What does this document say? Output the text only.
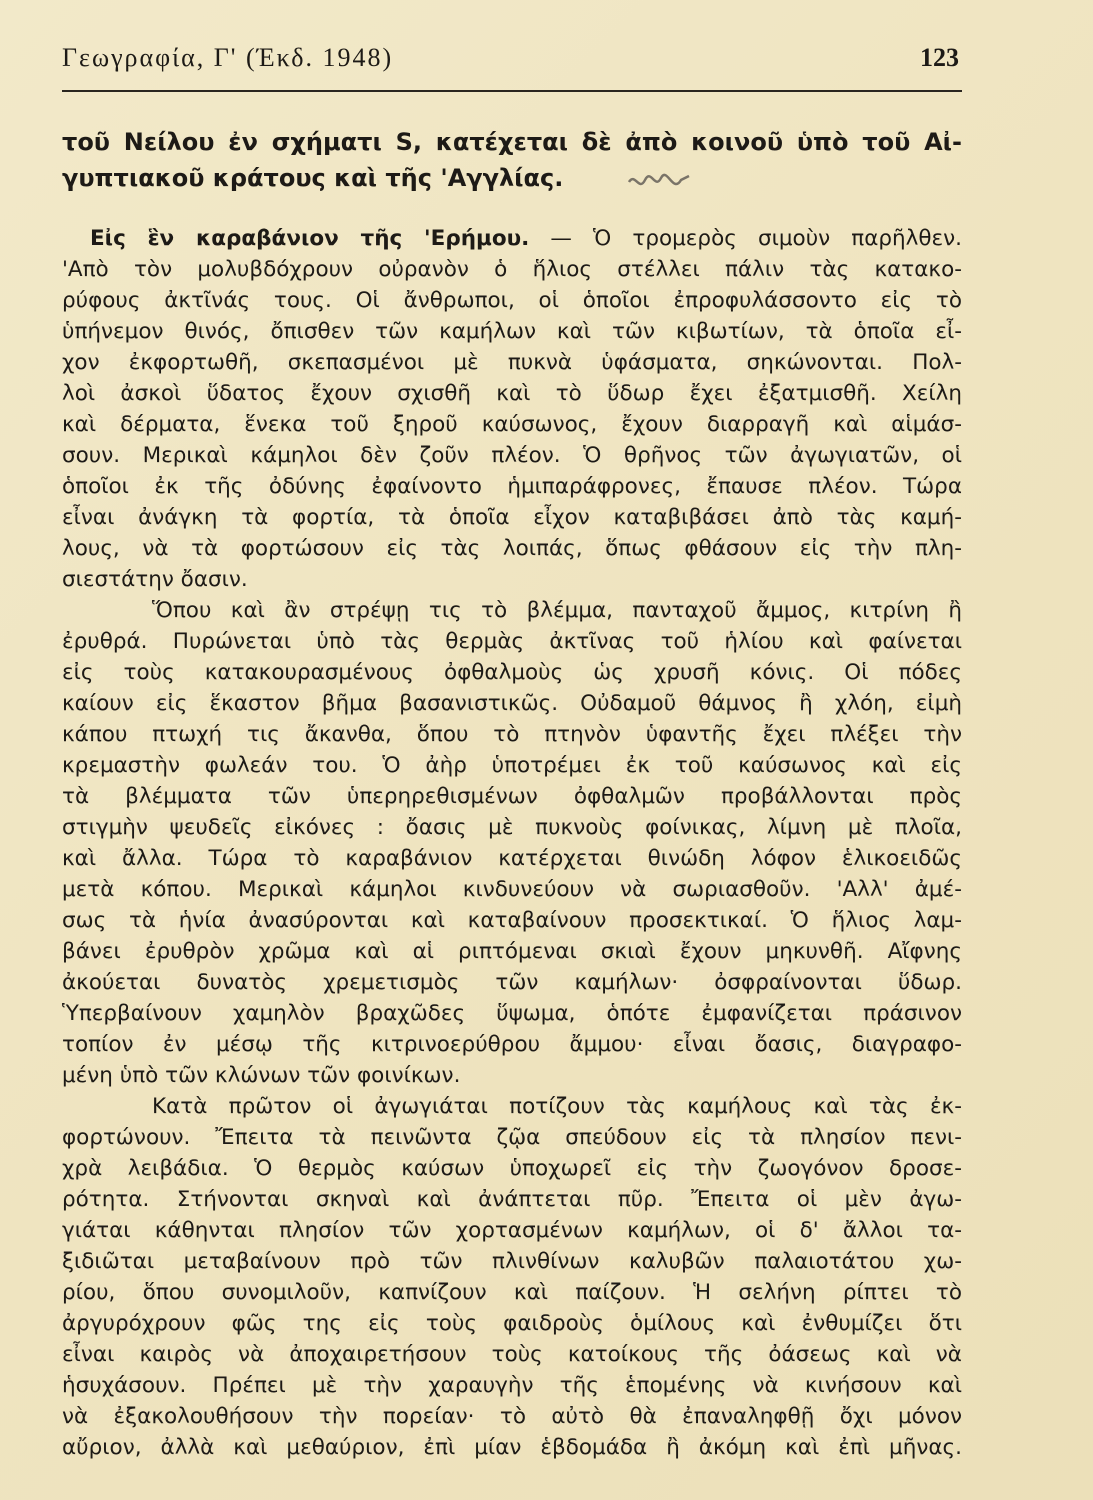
Γεωγραφία, Γ' (Έκδ. 1948)	123
τοῦ Νείλου ἐν σχήματι S, κατέχεται δὲ ἀπὸ κοινοῦ ὑπὸ τοῦ Αἰ-
γυπτιακοῦ κράτους καὶ τῆς 'Αγγλίας.
Εἰς ἓν καραβάνιον τῆς 'Ερήμου. — Ὁ τρομερὸς σιμοὺν παρῆλθεν.
'Απὸ τὸν μολυβδόχρουν οὐρανὸν ὁ ἥλιος στέλλει πάλιν τὰς κατακο-
ρύφους ἀκτῖνάς τους. Οἱ ἄνθρωποι, οἱ ὁποῖοι ἐπροφυλάσσοντο εἰς τὸ
ὑπήνεμον θινός, ὄπισθεν τῶν καμήλων καὶ τῶν κιβωτίων, τὰ ὁποῖα εἶ-
χον ἐκφορτωθῆ, σκεπασμένοι μὲ πυκνὰ ὑφάσματα, σηκώνονται. Πολ-
λοὶ ἀσκοὶ ὕδατος ἔχουν σχισθῆ καὶ τὸ ὕδωρ ἔχει ἐξατμισθῆ. Χείλη
καὶ δέρματα, ἕνεκα τοῦ ξηροῦ καύσωνος, ἔχουν διαρραγῆ καὶ αἱμάσ-
σουν. Μερικαὶ κάμηλοι δὲν ζοῦν πλέον. Ὁ θρῆνος τῶν ἀγωγιατῶν, οἱ
ὁποῖοι ἐκ τῆς ὀδύνης ἐφαίνοντο ἡμιπαράφρονες, ἔπαυσε πλέον. Τώρα
εἶναι ἀνάγκη τὰ φορτία, τὰ ὁποῖα εἶχον καταβιβάσει ἀπὸ τὰς καμή-
λους, νὰ τὰ φορτώσουν εἰς τὰς λοιπάς, ὅπως φθάσουν εἰς τὴν πλη-
σιεστάτην ὄασιν.
Ὅπου καὶ ἂν στρέψῃ τις τὸ βλέμμα, πανταχοῦ ἄμμος, κιτρίνη ἢ
ἐρυθρά. Πυρώνεται ὑπὸ τὰς θερμὰς ἀκτῖνας τοῦ ἡλίου καὶ φαίνεται
εἰς τοὺς κατακουρασμένους ὀφθαλμοὺς ὡς χρυσῆ κόνις. Οἱ πόδες
καίουν εἰς ἕκαστον βῆμα βασανιστικῶς. Οὐδαμοῦ θάμνος ἢ χλόη, εἰμὴ
κάπου πτωχή τις ἄκανθα, ὅπου τὸ πτηνὸν ὑφαντῆς ἔχει πλέξει τὴν
κρεμαστὴν φωλεάν του. Ὁ ἀὴρ ὑποτρέμει ἐκ τοῦ καύσωνος καὶ εἰς
τὰ βλέμματα τῶν ὑπερηρεθισμένων ὀφθαλμῶν προβάλλονται πρὸς
στιγμὴν ψευδεῖς εἰκόνες : ὄασις μὲ πυκνοὺς φοίνικας, λίμνη μὲ πλοῖα,
καὶ ἄλλα. Τώρα τὸ καραβάνιον κατέρχεται θινώδη λόφον ἑλικοειδῶς
μετὰ κόπου. Μερικαὶ κάμηλοι κινδυνεύουν νὰ σωριασθοῦν. 'Αλλ' ἀμέ-
σως τὰ ἡνία ἀνασύρονται καὶ καταβαίνουν προσεκτικαί. Ὁ ἥλιος λαμ-
βάνει ἐρυθρὸν χρῶμα καὶ αἱ ριπτόμεναι σκιαὶ ἔχουν μηκυνθῆ. Αἴφνης
ἀκούεται δυνατὸς χρεμετισμὸς τῶν καμήλων· ὀσφραίνονται ὕδωρ.
Ὑπερβαίνουν χαμηλὸν βραχῶδες ὕψωμα, ὁπότε ἐμφανίζεται πράσινον
τοπίον ἐν μέσῳ τῆς κιτρινοερύθρου ἄμμου· εἶναι ὄασις, διαγραφο-
μένη ὑπὸ τῶν κλώνων τῶν φοινίκων.
Κατὰ πρῶτον οἱ ἀγωγιάται ποτίζουν τὰς καμήλους καὶ τὰς ἐκ-
φορτώνουν. Ἔπειτα τὰ πεινῶντα ζῷα σπεύδουν εἰς τὰ πλησίον πενι-
χρὰ λειβάδια. Ὁ θερμὸς καύσων ὑποχωρεῖ εἰς τὴν ζωογόνον δροσε-
ρότητα. Στήνονται σκηναὶ καὶ ἀνάπτεται πῦρ. Ἔπειτα οἱ μὲν ἀγω-
γιάται κάθηνται πλησίον τῶν χορτασμένων καμήλων, οἱ δ' ἄλλοι τα-
ξιδιῶται μεταβαίνουν πρὸ τῶν πλινθίνων καλυβῶν παλαιοτάτου χω-
ρίου, ὅπου συνομιλοῦν, καπνίζουν καὶ παίζουν. Ἡ σελήνη ρίπτει τὸ
ἀργυρόχρουν φῶς της εἰς τοὺς φαιδροὺς ὁμίλους καὶ ἐνθυμίζει ὅτι
εἶναι καιρὸς νὰ ἀποχαιρετήσουν τοὺς κατοίκους τῆς ὀάσεως καὶ νὰ
ἡσυχάσουν. Πρέπει μὲ τὴν χαραυγὴν τῆς ἑπομένης νὰ κινήσουν καὶ
νὰ ἐξακολουθήσουν τὴν πορείαν· τὸ αὐτὸ θὰ ἐπαναληφθῇ ὄχι μόνον
αὔριον, ἀλλὰ καὶ μεθαύριον, ἐπὶ μίαν ἑβδομάδα ἢ ἀκόμη καὶ ἐπὶ μῆνας.
